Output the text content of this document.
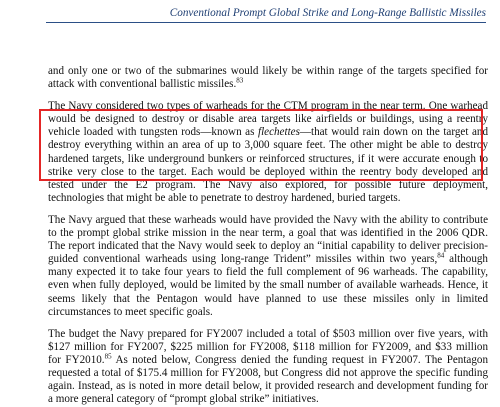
Conventional Prompt Global Strike and Long-Range Ballistic Missiles

and only one or two of the submarines would likely be within range of the targets specified for attack with conventional ballistic missiles.$^{83}$

The Navy considered two types of warheads for the CTM program in the near term. One warhead would be designed to destroy or disable area targets like airfields or buildings, using a reentry vehicle loaded with tungsten rods—known as flechettes—that would rain down on the target and destroy everything within an area of up to 3,000 square feet. The other might be able to destroy hardened targets, like underground bunkers or reinforced structures, if it were accurate enough to strike very close to the target. Each would be deployed within the reentry body developed and tested under the E2 program. The Navy also explored, for possible future deployment, technologies that might be able to penetrate to destroy hardened, buried targets.

The Navy argued that these warheads would have provided the Navy with the ability to contribute to the prompt global strike mission in the near term, a goal that was identified in the 2006 QDR. The report indicated that the Navy would seek to deploy an “initial capability to deliver precision- guided conventional warheads using long-range Trident” missiles within two years,$^{84}$ although many expected it to take four years to field the full complement of 96 warheads. The capability, even when fully deployed, would be limited by the small number of available warheads. Hence, it seems likely that the Pentagon would have planned to use these missiles only in limited circumstances to meet specific goals.

The budget the Navy prepared for FY2007 included a total of $503 million over five years, with $127 million for FY2007, $225 million for FY2008, $118 million for FY2009, and $33 million for FY2010.85 As noted below, Congress denied the funding request in FY2007. The Pentagon requested a total of $175.4 million for FY2008, but Congress did not approve the specific funding again. Instead, as is noted in more detail below, it provided research and development funding for a more general category of “prompt global strike” initiatives.
